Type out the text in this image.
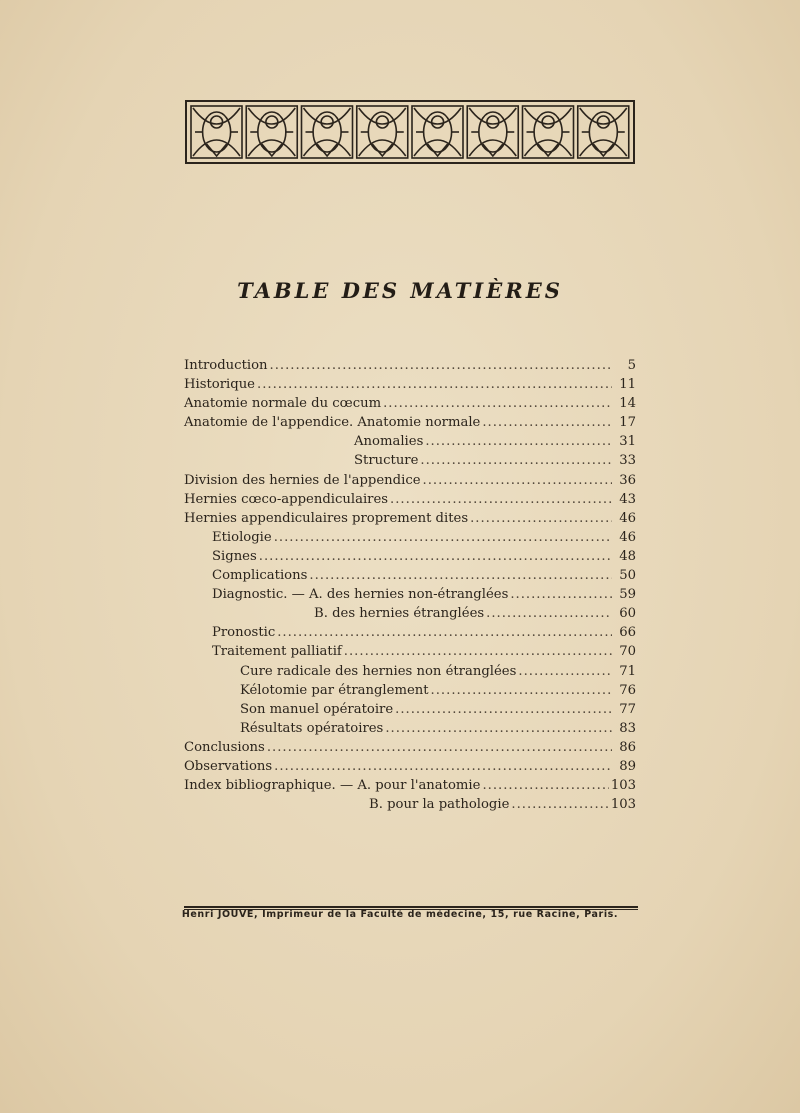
TABLE DES MATIÈRES
Introduction .....	5
Historique .....	11
Anatomie normale du cœcum .....	14
Anatomie de l'appendice. Anatomie normale .....	17
Anomalies .....	31
Structure .....	33
Division des hernies de l'appendice .....	36
Hernies cœco-appendiculaires .....	43
Hernies appendiculaires proprement dites .....	46
Etiologie .....	46
Signes .....	48
Complications .....	50
Diagnostic. — A. des hernies non-étranglées .....	59
B. des hernies étranglées .....	60
Pronostic .....	66
Traitement palliatif .....	70
Cure radicale des hernies non étranglées .....	71
Kélotomie par étranglement .....	76
Son manuel opératoire .....	77
Résultats opératoires .....	83
Conclusions .....	86
Observations .....	89
Index bibliographique. — A. pour l'anatomie .....	103
B. pour la pathologie .....	103
Henri JOUVE, Imprimeur de la Faculté de médecine, 15, rue Racine, Paris.
